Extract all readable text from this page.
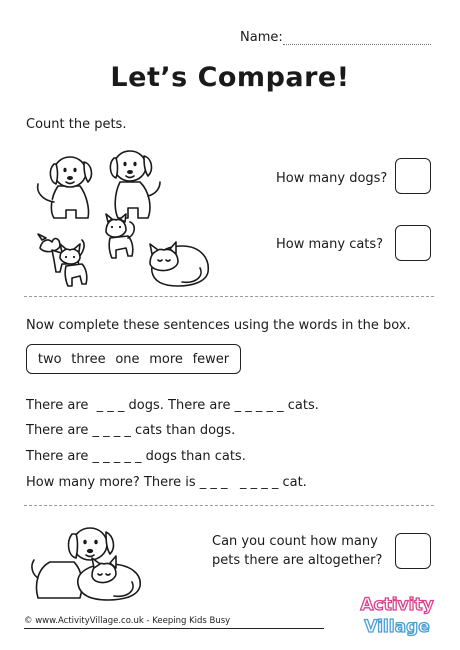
Name:
Let’s Compare!
Count the pets.
How many dogs?
How many cats?
Now complete these sentences using the words in the box.
two three one more fewer
There are  _ _ _ dogs. There are _ _ _ _ _ cats.
There are _ _ _ _ cats than dogs.
There are _ _ _ _ _ dogs than cats.
How many more? There is _ _ _   _ _ _ _ cat.
Can you count how many
pets there are altogether?
© www.ActivityVillage.co.uk - Keeping Kids Busy
Activity
Village
